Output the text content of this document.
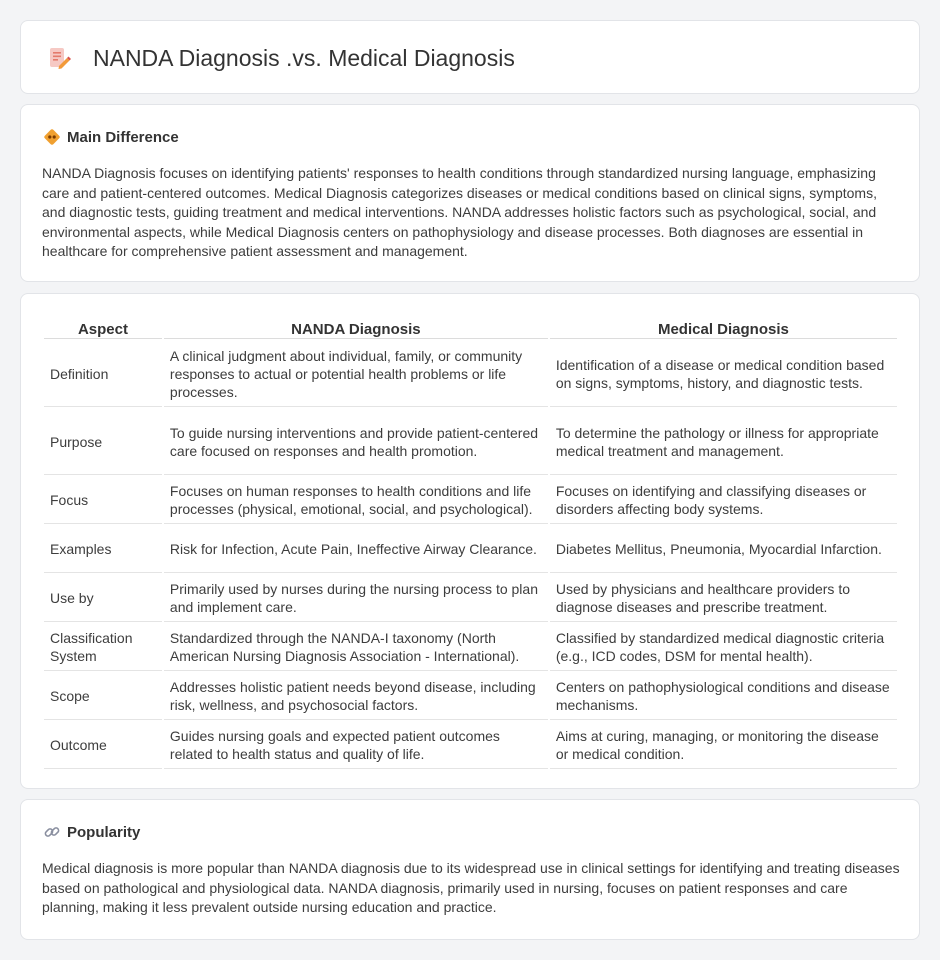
NANDA Diagnosis .vs. Medical Diagnosis
Main Difference

NANDA Diagnosis focuses on identifying patients' responses to health conditions through standardized nursing language, emphasizing care and patient-centered outcomes. Medical Diagnosis categorizes diseases or medical conditions based on clinical signs, symptoms, and diagnostic tests, guiding treatment and medical interventions. NANDA addresses holistic factors such as psychological, social, and environmental aspects, while Medical Diagnosis centers on pathophysiology and disease processes. Both diagnoses are essential in healthcare for comprehensive patient assessment and management.

Aspect	NANDA Diagnosis	Medical Diagnosis
Definition	A clinical judgment about individual, family, or community responses to actual or potential health problems or life processes.	Identification of a disease or medical condition based on signs, symptoms, history, and diagnostic tests.
Purpose	To guide nursing interventions and provide patient-centered care focused on responses and health promotion.	To determine the pathology or illness for appropriate medical treatment and management.
Focus	Focuses on human responses to health conditions and life processes (physical, emotional, social, and psychological).	Focuses on identifying and classifying diseases or disorders affecting body systems.
Examples	Risk for Infection, Acute Pain, Ineffective Airway Clearance.	Diabetes Mellitus, Pneumonia, Myocardial Infarction.
Use by	Primarily used by nurses during the nursing process to plan and implement care.	Used by physicians and healthcare providers to diagnose diseases and prescribe treatment.
Classification System	Standardized through the NANDA-I taxonomy (North American Nursing Diagnosis Association - International).	Classified by standardized medical diagnostic criteria (e.g., ICD codes, DSM for mental health).
Scope	Addresses holistic patient needs beyond disease, including risk, wellness, and psychosocial factors.	Centers on pathophysiological conditions and disease mechanisms.
Outcome	Guides nursing goals and expected patient outcomes related to health status and quality of life.	Aims at curing, managing, or monitoring the disease or medical condition.
Popularity

Medical diagnosis is more popular than NANDA diagnosis due to its widespread use in clinical settings for identifying and treating diseases based on pathological and physiological data. NANDA diagnosis, primarily used in nursing, focuses on patient responses and care planning, making it less prevalent outside nursing education and practice.
